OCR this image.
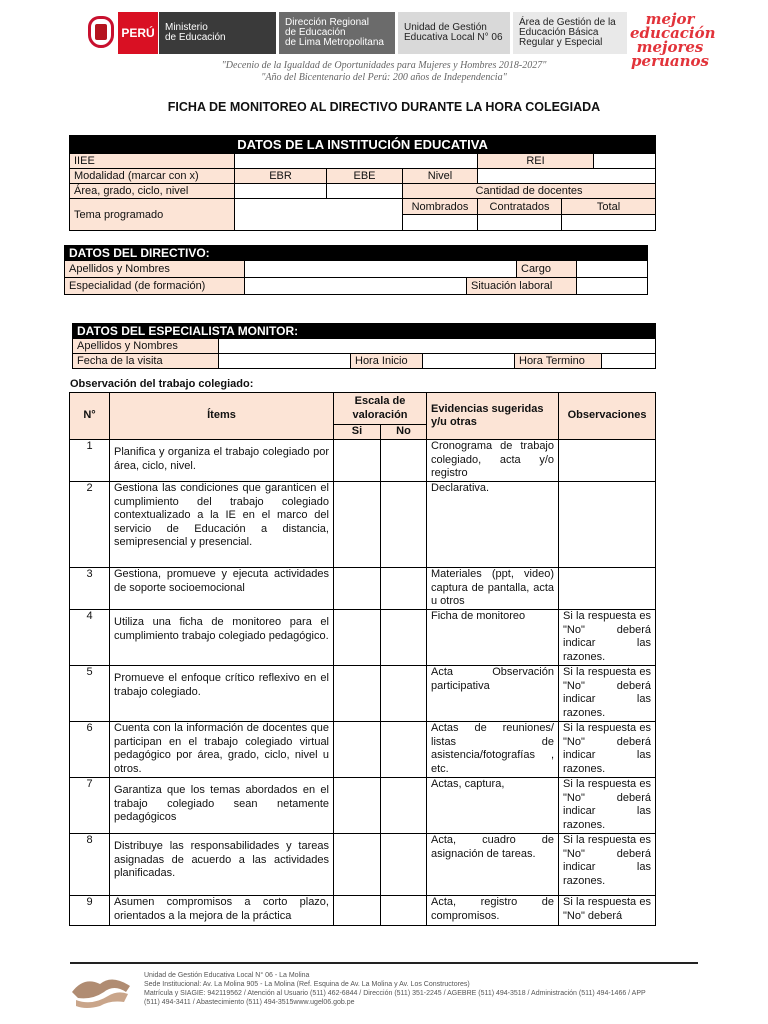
PERÚ	Ministerio
de Educación
Dirección Regional
de Educación
de Lima Metropolitana
Unidad de Gestión
Educativa Local N° 06
Área de Gestión de la
Educación Básica
Regular y Especial
mejor
educación
mejores
peruanos
"Decenio de la Igualdad de Oportunidades para Mujeres y Hombres 2018-2027"
"Año del Bicentenario del Perú: 200 años de Independencia"
FICHA DE MONITOREO AL DIRECTIVO DURANTE LA HORA COLEGIADA
DATOS DE LA INSTITUCIÓN EDUCATIVA						
IIEE				REI		
Modalidad (marcar con x)	EBR	EBE	Nivel			
Área, grado, ciclo, nivel			Cantidad de docentes			
Tema programado			Nombrados	Contratados	Total	

DATOS DEL DIRECTIVO:				
Apellidos y Nombres			Cargo	
Especialidad (de formación)		Situación laboral		
DATOS DEL ESPECIALISTA MONITOR:					
Apellidos y Nombres					
Fecha de la visita		Hora Inicio		Hora Termino	
Observación del trabajo colegiado:
N°	Ítems	Escala de valoración		Evidencias sugeridas y/u otras	Observaciones
		Si	No		
1	Planifica y organiza el trabajo colegiado por área, ciclo, nivel.			Cronograma de trabajo colegiado, acta y/o registro	
2	Gestiona las condiciones que garanticen el cumplimiento del trabajo colegiado contextualizado a la IE en el marco del servicio de Educación a distancia, semipresencial y presencial.			Declarativa.	
3	Gestiona, promueve y ejecuta actividades de soporte socioemocional			Materiales (ppt, video) captura de pantalla, acta u otros	
4	Utiliza una ficha de monitoreo para el cumplimiento trabajo colegiado pedagógico.			Ficha de monitoreo	Si la respuesta es "No" deberá indicar las razones.
5	Promueve el enfoque crítico reflexivo en el trabajo colegiado.			Acta Observación participativa	Si la respuesta es "No" deberá indicar las razones.
6	Cuenta con la información de docentes que participan en el trabajo colegiado virtual pedagógico por área, grado, ciclo, nivel u otros.			Actas de reuniones/ listas de asistencia/fotografías , etc.	Si la respuesta es "No" deberá indicar las razones.
7	Garantiza que los temas abordados en el trabajo colegiado sean netamente pedagógicos			Actas, captura,	Si la respuesta es "No" deberá indicar las razones.
8	Distribuye las responsabilidades y tareas asignadas de acuerdo a las actividades planificadas.			Acta, cuadro de asignación de tareas.	Si la respuesta es "No" deberá indicar las razones.
9	Asumen compromisos a corto plazo, orientados a la mejora de la práctica			Acta, registro de compromisos.	Si la respuesta es "No" deberá
Unidad de Gestión Educativa Local N° 06 - La Molina
Sede Institucional: Av. La Molina 905 - La Molina (Ref. Esquina de Av. La Molina y Av. Los Constructores)
Matrícula y SIAGIE: 942119562 / Atención al Usuario (511) 462-6844 / Dirección (511) 351-2245 / AGEBRE (511) 494-3518 / Administración (511) 494-1466 / APP
(511) 494-3411 / Abastecimiento (511) 494-3515www.ugel06.gob.pe
